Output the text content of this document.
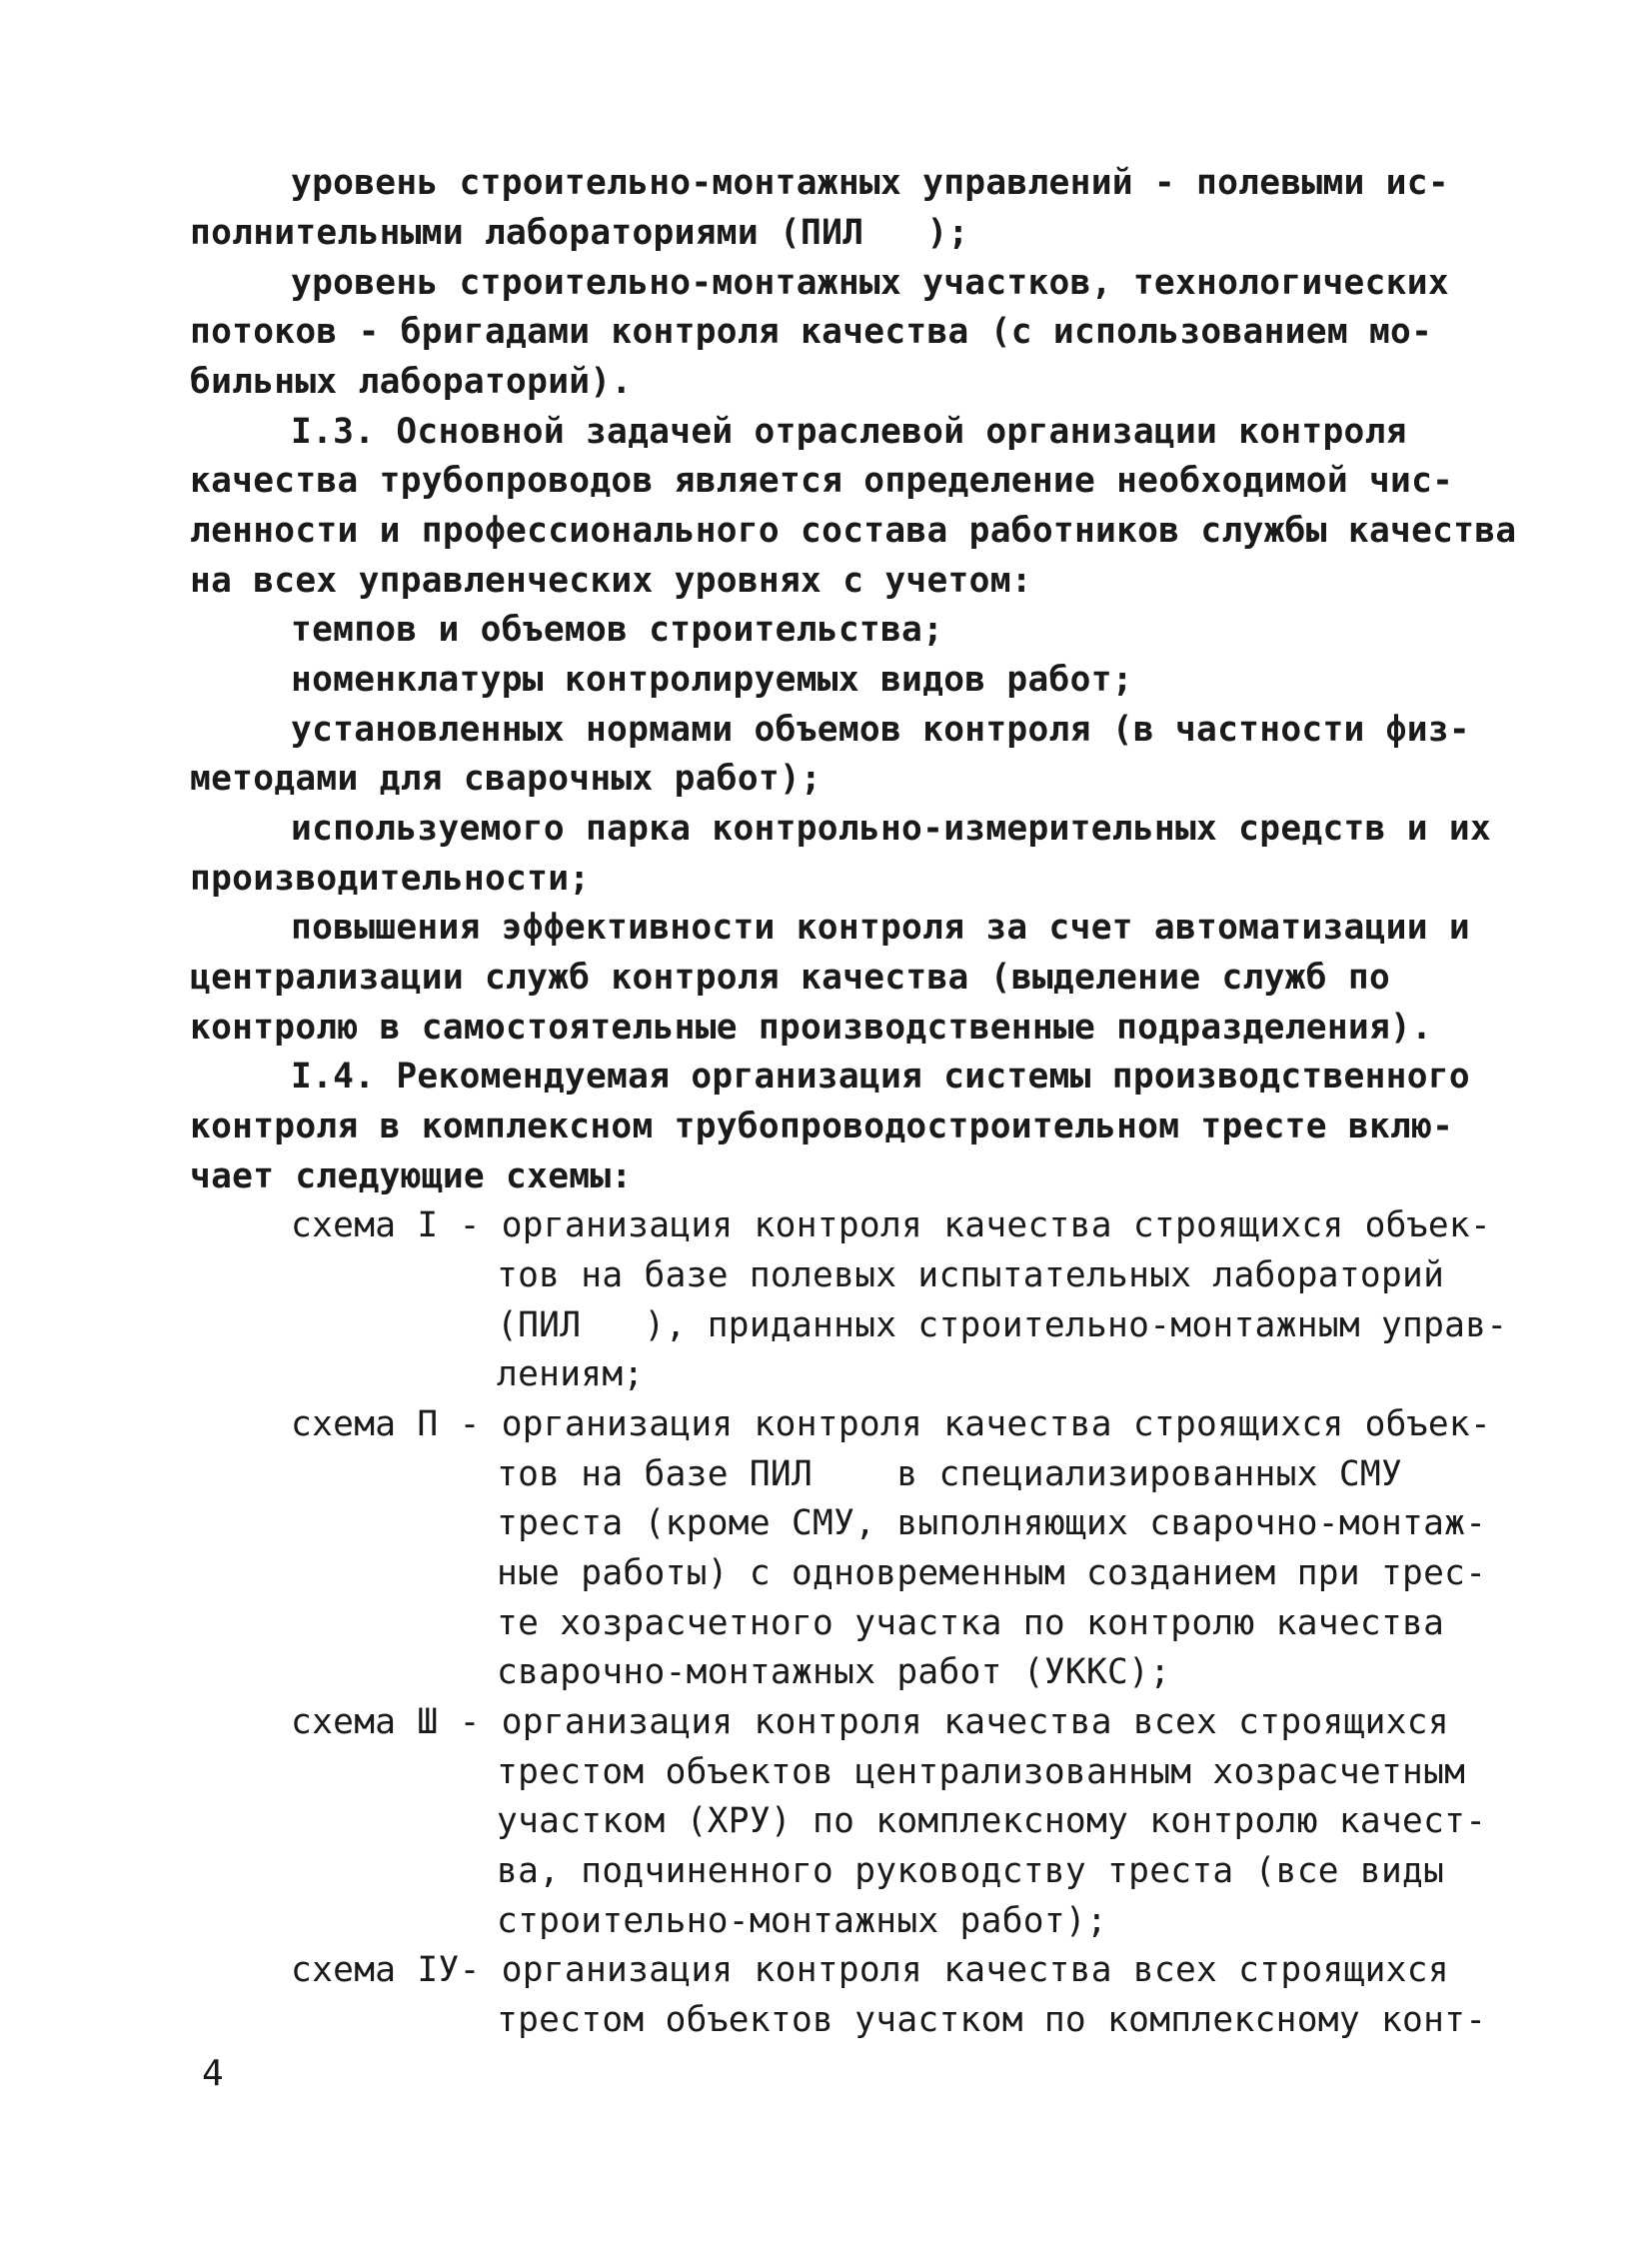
уровень строительно-монтажных управлений - полевыми ис-

полнительными лабораториями (ПИЛ   );

уровень строительно-монтажных участков, технологических

потоков - бригадами контроля качества (с использованием мо-

бильных лабораторий).

I.3. Основной задачей отраслевой организации контроля

качества трубопроводов является определение необходимой чис-

ленности и профессионального состава работников службы качества

на всех управленческих уровнях с учетом:

темпов и объемов строительства;

номенклатуры контролируемых видов работ;

установленных нормами объемов контроля (в частности физ-

методами для сварочных работ);

используемого парка контрольно-измерительных средств и их

производительности;

повышения эффективности контроля за счет автоматизации и

централизации служб контроля качества (выделение служб по

контролю в самостоятельные производственные подразделения).

I.4. Рекомендуемая организация системы производственного

контроля в комплексном трубопроводостроительном тресте вклю-

чает следующие схемы:

схема I - организация контроля качества строящихся объек-

тов на базе полевых испытательных лабораторий

(ПИЛ   ), приданных строительно-монтажным управ-

лениям;

схема П - организация контроля качества строящихся объек-

тов на базе ПИЛ    в специализированных СМУ

треста (кроме СМУ, выполняющих сварочно-монтаж-

ные работы) с одновременным созданием при трес-

те хозрасчетного участка по контролю качества

сварочно-монтажных работ (УККС);

схема Ш - организация контроля качества всех строящихся

трестом объектов централизованным хозрасчетным

участком (ХРУ) по комплексному контролю качест-

ва, подчиненного руководству треста (все виды

строительно-монтажных работ);

схема IУ- организация контроля качества всех строящихся

трестом объектов участком по комплексному конт-

4
